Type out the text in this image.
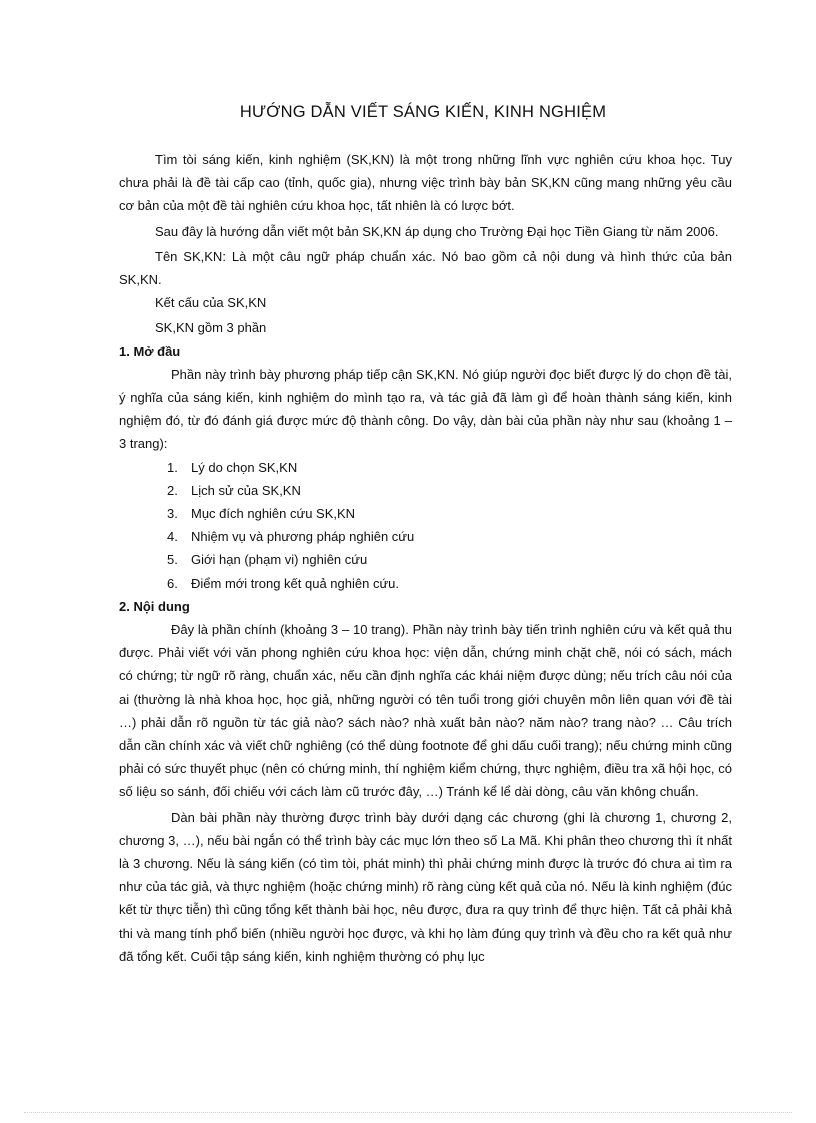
HƯỚNG DẪN VIẾT SÁNG KIẾN, KINH NGHIỆM

Tìm tòi sáng kiến, kinh nghiệm (SK,KN) là một trong những lĩnh vực nghiên cứu khoa học. Tuy chưa phải là đề tài cấp cao (tỉnh, quốc gia), nhưng việc trình bày bản SK,KN cũng mang những yêu cầu cơ bản của một đề tài nghiên cứu khoa học, tất nhiên là có lược bớt.

Sau đây là hướng dẫn viết một bản SK,KN áp dụng cho Trường Đại học Tiền Giang từ năm 2006.

Tên SK,KN: Là một câu ngữ pháp chuẩn xác. Nó bao gồm cả nội dung và hình thức của bản SK,KN.

Kết cấu của SK,KN

SK,KN gồm 3 phần

1. Mở đầu

Phần này trình bày phương pháp tiếp cận SK,KN. Nó giúp người đọc biết được lý do chọn đề tài, ý nghĩa của sáng kiến, kinh nghiệm do mình tạo ra, và tác giả đã làm gì để hoàn thành sáng kiến, kinh nghiệm đó, từ đó đánh giá được mức độ thành công. Do vậy, dàn bài của phần này như sau (khoảng 1 – 3 trang):

1. Lý do chọn SK,KN
2. Lịch sử của SK,KN
3. Mục đích nghiên cứu SK,KN
4. Nhiệm vụ và phương pháp nghiên cứu
5. Giới hạn (phạm vi) nghiên cứu
6. Điểm mới trong kết quả nghiên cứu.

2. Nội dung

Đây là phần chính (khoảng 3 – 10 trang). Phần này trình bày tiến trình nghiên cứu và kết quả thu được. Phải viết với văn phong nghiên cứu khoa học: viện dẫn, chứng minh chặt chẽ, nói có sách, mách có chứng; từ ngữ rõ ràng, chuẩn xác, nếu cần định nghĩa các khái niệm được dùng; nếu trích câu nói của ai (thường là nhà khoa học, học giả, những người có tên tuổi trong giới chuyên môn liên quan với đề tài …) phải dẫn rõ nguồn từ tác giả nào? sách nào? nhà xuất bản nào? năm nào? trang nào? … Câu trích dẫn cần chính xác và viết chữ nghiêng (có thể dùng footnote để ghi dấu cuối trang); nếu chứng minh cũng phải có sức thuyết phục (nên có chứng minh, thí nghiệm kiểm chứng, thực nghiệm, điều tra xã hội học, có số liệu so sánh, đối chiếu với cách làm cũ trước đây, …) Tránh kể lể dài dòng, câu văn không chuẩn.

Dàn bài phần này thường được trình bày dưới dạng các chương (ghi là chương 1, chương 2, chương 3, …), nếu bài ngắn có thể trình bày các mục lớn theo số La Mã. Khi phân theo chương thì ít nhất là 3 chương. Nếu là sáng kiến (có tìm tòi, phát minh) thì phải chứng minh được là trước đó chưa ai tìm ra như của tác giả, và thực nghiệm (hoặc chứng minh) rõ ràng cùng kết quả của nó. Nếu là kinh nghiệm (đúc kết từ thực tiễn) thì cũng tổng kết thành bài học, nêu được, đưa ra quy trình để thực hiện. Tất cả phải khả thi và mang tính phổ biến (nhiều người học được, và khi họ làm đúng quy trình và đều cho ra kết quả như đã tổng kết. Cuối tập sáng kiến, kinh nghiệm thường có phụ lục
